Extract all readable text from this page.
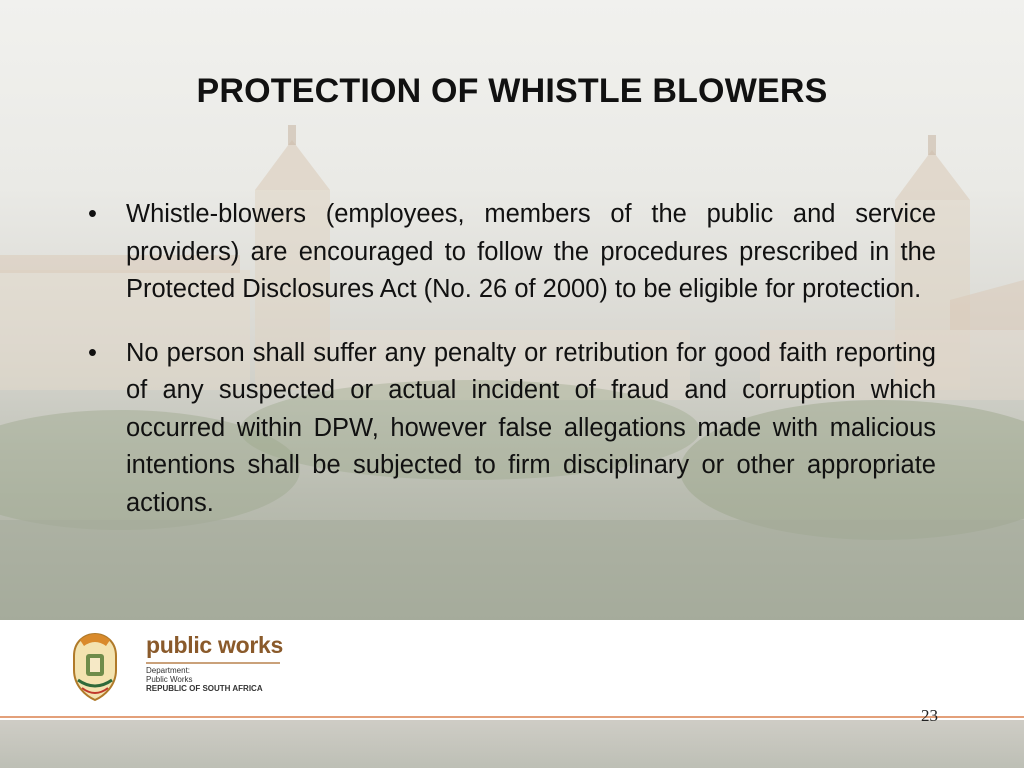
PROTECTION OF WHISTLE BLOWERS
• Whistle-blowers (employees, members of the public and service providers) are encouraged to follow the procedures prescribed in the Protected Disclosures Act (No. 26 of 2000) to be eligible for protection.
• No person shall suffer any penalty or retribution for good faith reporting of any suspected or actual incident of fraud and corruption which occurred within DPW, however false allegations made with malicious intentions shall be subjected to firm disciplinary or other appropriate actions.
public works
Department:
Public Works
REPUBLIC OF SOUTH AFRICA
23
